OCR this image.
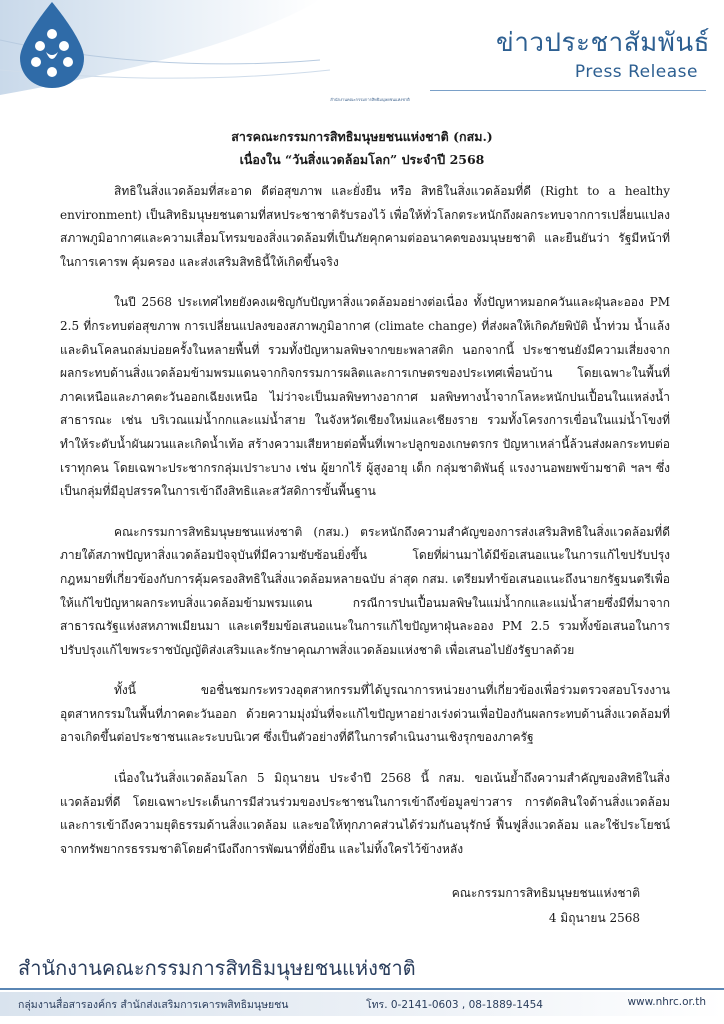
สำนักงานคณะกรรมการสิทธิมนุษยชนแห่งชาติ
ข่าวประชาสัมพันธ์
Press Release
สารคณะกรรมการสิทธิมนุษยชนแห่งชาติ (กสม.)
เนื่องใน “วันสิ่งแวดล้อมโลก” ประจำปี 2568

สิทธิในสิ่งแวดล้อมที่สะอาด ดีต่อสุขภาพ และยั่งยืน หรือ สิทธิในสิ่งแวดล้อมที่ดี (Right to a healthy environment) เป็นสิทธิมนุษยชนตามที่สหประชาชาติรับรองไว้ เพื่อให้ทั่วโลกตระหนักถึงผลกระทบจากการเปลี่ยนแปลงสภาพภูมิอากาศและความเสื่อมโทรมของสิ่งแวดล้อมที่เป็นภัยคุกคามต่ออนาคตของมนุษยชาติ และยืนยันว่า รัฐมีหน้าที่ในการเคารพ คุ้มครอง และส่งเสริมสิทธินี้ให้เกิดขึ้นจริง

ในปี 2568 ประเทศไทยยังคงเผชิญกับปัญหาสิ่งแวดล้อมอย่างต่อเนื่อง ทั้งปัญหาหมอกควันและฝุ่นละออง PM 2.5 ที่กระทบต่อสุขภาพ การเปลี่ยนแปลงของสภาพภูมิอากาศ (climate change) ที่ส่งผลให้เกิดภัยพิบัติ น้ำท่วม น้ำแล้ง และดินโคลนถล่มบ่อยครั้งในหลายพื้นที่ รวมทั้งปัญหามลพิษจากขยะพลาสติก นอกจากนี้ ประชาชนยังมีความเสี่ยงจากผลกระทบด้านสิ่งแวดล้อมข้ามพรมแดนจากกิจกรรมการผลิตและการเกษตรของประเทศเพื่อนบ้าน โดยเฉพาะในพื้นที่ภาคเหนือและภาคตะวันออกเฉียงเหนือ ไม่ว่าจะเป็นมลพิษทางอากาศ มลพิษทางน้ำจากโลหะหนักปนเปื้อนในแหล่งน้ำสาธารณะ เช่น บริเวณแม่น้ำกกและแม่น้ำสาย ในจังหวัดเชียงใหม่และเชียงราย รวมทั้งโครงการเขื่อนในแม่น้ำโขงที่ทำให้ระดับน้ำผันผวนและเกิดน้ำเท้อ สร้างความเสียหายต่อพื้นที่เพาะปลูกของเกษตรกร ปัญหาเหล่านี้ล้วนส่งผลกระทบต่อเราทุกคน โดยเฉพาะประชากรกลุ่มเปราะบาง เช่น ผู้ยากไร้ ผู้สูงอายุ เด็ก กลุ่มชาติพันธุ์ แรงงานอพยพข้ามชาติ ฯลฯ ซึ่งเป็นกลุ่มที่มีอุปสรรคในการเข้าถึงสิทธิและสวัสดิการขั้นพื้นฐาน

คณะกรรมการสิทธิมนุษยชนแห่งชาติ (กสม.) ตระหนักถึงความสำคัญของการส่งเสริมสิทธิในสิ่งแวดล้อมที่ดีภายใต้สภาพปัญหาสิ่งแวดล้อมปัจจุบันที่มีความซับซ้อนยิ่งขึ้น โดยที่ผ่านมาได้มีข้อเสนอแนะในการแก้ไขปรับปรุงกฎหมายที่เกี่ยวข้องกับการคุ้มครองสิทธิในสิ่งแวดล้อมหลายฉบับ ล่าสุด กสม. เตรียมทำข้อเสนอแนะถึงนายกรัฐมนตรีเพื่อให้แก้ไขปัญหาผลกระทบสิ่งแวดล้อมข้ามพรมแดน กรณีการปนเปื้อนมลพิษในแม่น้ำกกและแม่น้ำสายซึ่งมีที่มาจากสาธารณรัฐแห่งสหภาพเมียนมา และเตรียมข้อเสนอแนะในการแก้ไขปัญหาฝุ่นละออง PM 2.5 รวมทั้งข้อเสนอในการปรับปรุงแก้ไขพระราชบัญญัติส่งเสริมและรักษาคุณภาพสิ่งแวดล้อมแห่งชาติ เพื่อเสนอไปยังรัฐบาลด้วย

ทั้งนี้ ขอชื่นชมกระทรวงอุตสาหกรรมที่ได้บูรณาการหน่วยงานที่เกี่ยวข้องเพื่อร่วมตรวจสอบโรงงานอุตสาหกรรมในพื้นที่ภาคตะวันออก ด้วยความมุ่งมั่นที่จะแก้ไขปัญหาอย่างเร่งด่วนเพื่อป้องกันผลกระทบด้านสิ่งแวดล้อมที่อาจเกิดขึ้นต่อประชาชนและระบบนิเวศ ซึ่งเป็นตัวอย่างที่ดีในการดำเนินงานเชิงรุกของภาครัฐ

เนื่องในวันสิ่งแวดล้อมโลก 5 มิถุนายน ประจำปี 2568 นี้ กสม. ขอเน้นย้ำถึงความสำคัญของสิทธิในสิ่งแวดล้อมที่ดี โดยเฉพาะประเด็นการมีส่วนร่วมของประชาชนในการเข้าถึงข้อมูลข่าวสาร การตัดสินใจด้านสิ่งแวดล้อม และการเข้าถึงความยุติธรรมด้านสิ่งแวดล้อม และขอให้ทุกภาคส่วนได้ร่วมกันอนุรักษ์ ฟื้นฟูสิ่งแวดล้อม และใช้ประโยชน์จากทรัพยากรธรรมชาติโดยคำนึงถึงการพัฒนาที่ยั่งยืน และไม่ทิ้งใครไว้ข้างหลัง

คณะกรรมการสิทธิมนุษยชนแห่งชาติ
4 มิถุนายน 2568
สำนักงานคณะกรรมการสิทธิมนุษยชนแห่งชาติ
กลุ่มงานสื่อสารองค์กร สำนักส่งเสริมการเคารพสิทธิมนุษยชน	โทร. 0-2141-0603 , 08-1889-1454	www.nhrc.or.th
